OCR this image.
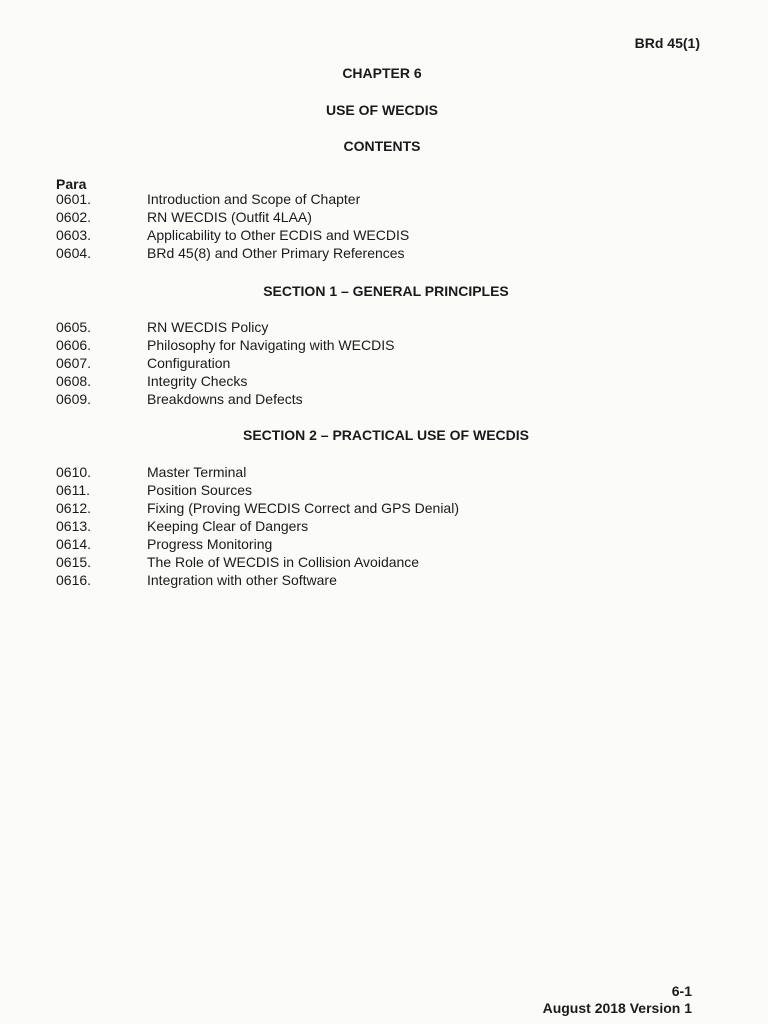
BRd 45(1)
CHAPTER 6
USE OF WECDIS
CONTENTS
Para
0601.	Introduction and Scope of Chapter
0602.	RN WECDIS (Outfit 4LAA)
0603.	Applicability to Other ECDIS and WECDIS
0604.	BRd 45(8) and Other Primary References
SECTION 1 – GENERAL PRINCIPLES
0605.	RN WECDIS Policy
0606.	Philosophy for Navigating with WECDIS
0607.	Configuration
0608.	Integrity Checks
0609.	Breakdowns and Defects
SECTION 2 – PRACTICAL USE OF WECDIS
0610.	Master Terminal
0611.	Position Sources
0612.	Fixing (Proving WECDIS Correct and GPS Denial)
0613.	Keeping Clear of Dangers
0614.	Progress Monitoring
0615.	The Role of WECDIS in Collision Avoidance
0616.	Integration with other Software
6-1
August 2018 Version 1
